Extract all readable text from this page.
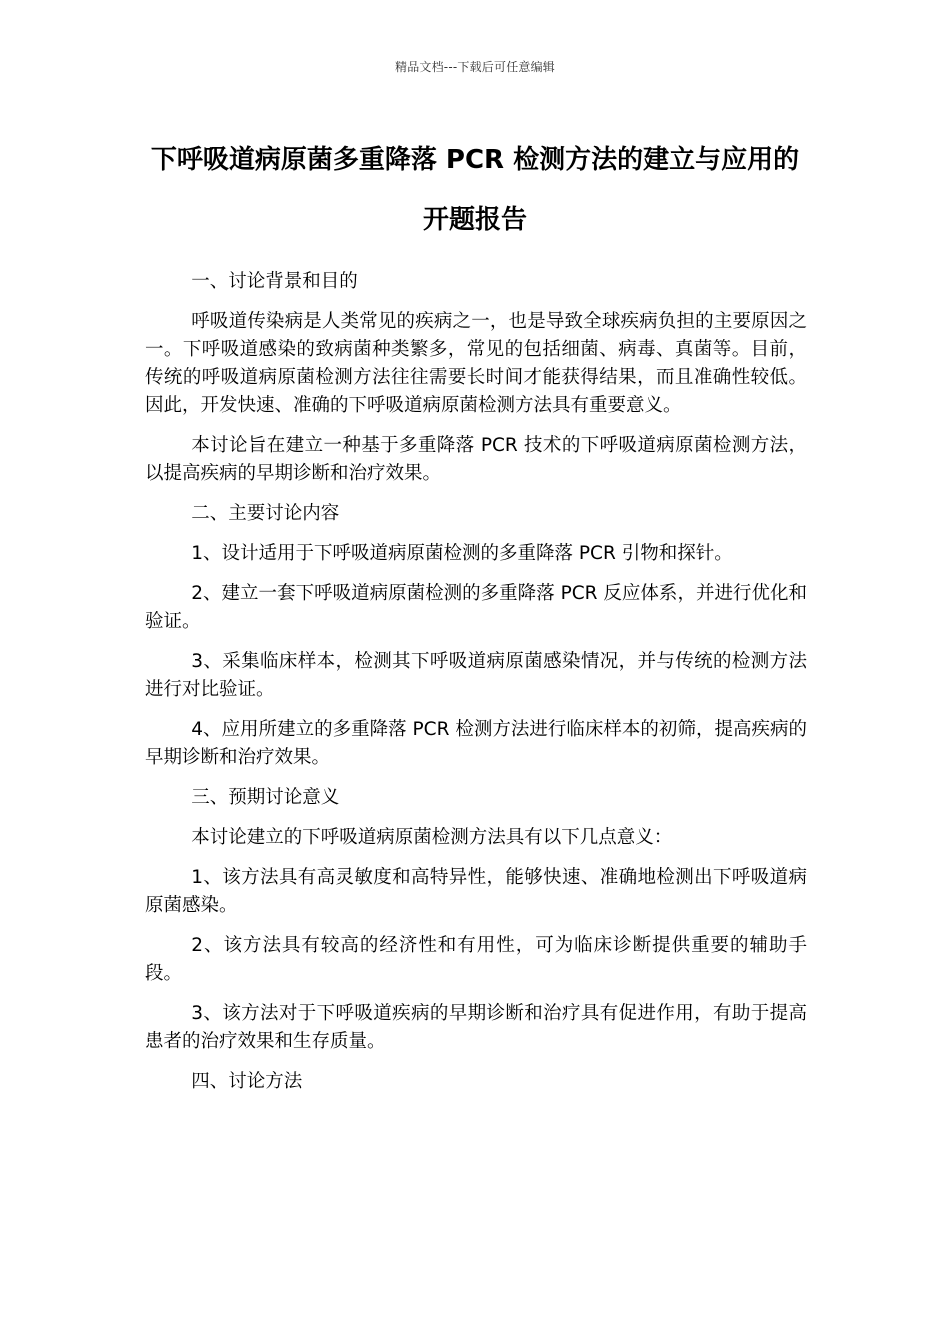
精品文档---下载后可任意编辑
下呼吸道病原菌多重降落 PCR 检测方法的建立与应用的开题报告

一、讨论背景和目的

呼吸道传染病是人类常见的疾病之一，也是导致全球疾病负担的主要原因之一。下呼吸道感染的致病菌种类繁多，常见的包括细菌、病毒、真菌等。目前，传统的呼吸道病原菌检测方法往往需要长时间才能获得结果，而且准确性较低。因此，开发快速、准确的下呼吸道病原菌检测方法具有重要意义。

本讨论旨在建立一种基于多重降落 PCR 技术的下呼吸道病原菌检测方法，以提高疾病的早期诊断和治疗效果。

二、主要讨论内容

1、设计适用于下呼吸道病原菌检测的多重降落 PCR 引物和探针。

2、建立一套下呼吸道病原菌检测的多重降落 PCR 反应体系，并进行优化和验证。

3、采集临床样本，检测其下呼吸道病原菌感染情况，并与传统的检测方法进行对比验证。

4、应用所建立的多重降落 PCR 检测方法进行临床样本的初筛，提高疾病的早期诊断和治疗效果。

三、预期讨论意义

本讨论建立的下呼吸道病原菌检测方法具有以下几点意义：

1、该方法具有高灵敏度和高特异性，能够快速、准确地检测出下呼吸道病原菌感染。

2、该方法具有较高的经济性和有用性，可为临床诊断提供重要的辅助手段。

3、该方法对于下呼吸道疾病的早期诊断和治疗具有促进作用，有助于提高患者的治疗效果和生存质量。

四、讨论方法
